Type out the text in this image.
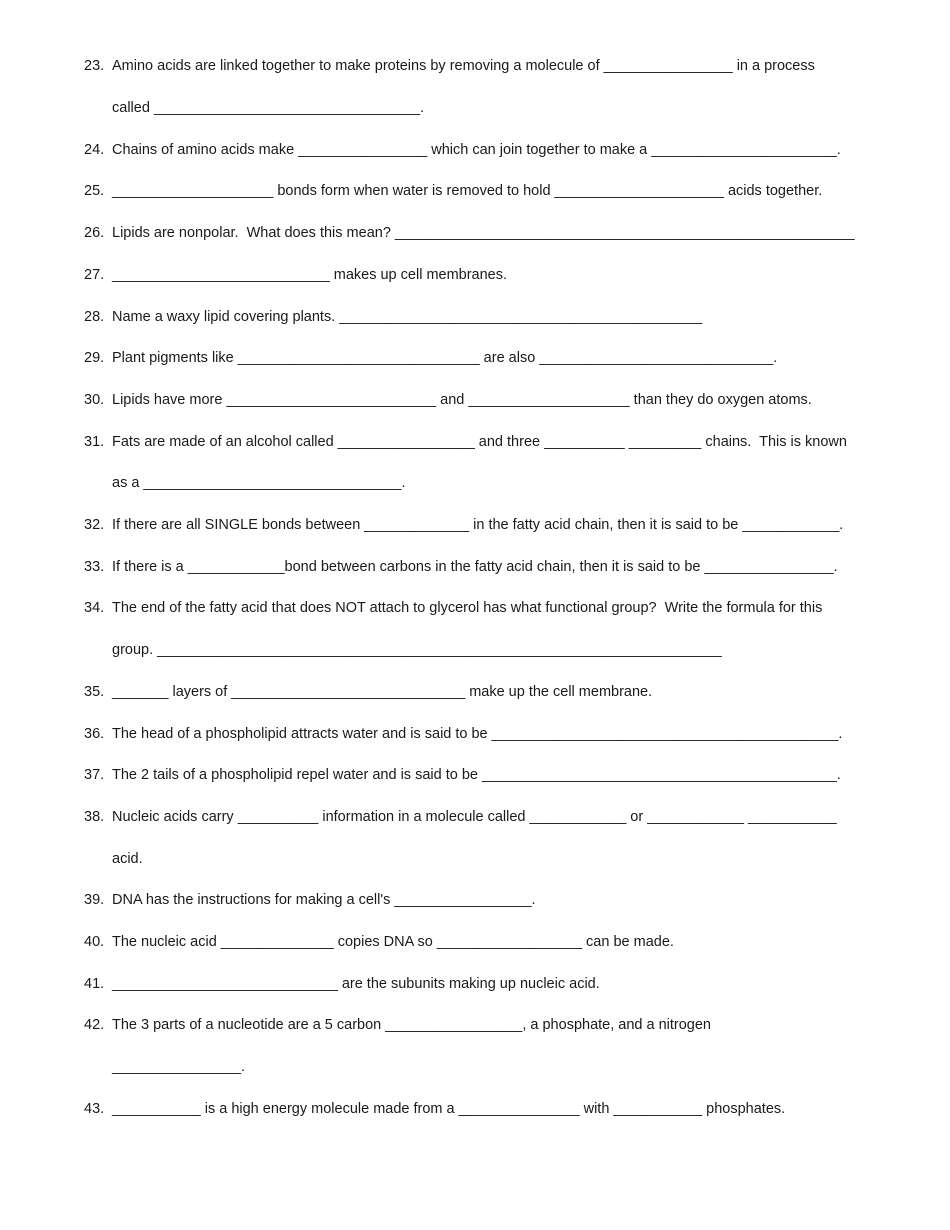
23.

Amino acids are linked together to make proteins by removing a molecule of ________________ in a process

called _________________________________.

24.

Chains of amino acids make ________________ which can join together to make a _______________________.

25.

____________________ bonds form when water is removed to hold _____________________ acids together.

26.

Lipids are nonpolar.  What does this mean? _________________________________________________________

27.

___________________________ makes up cell membranes.

28.

Name a waxy lipid covering plants. _____________________________________________

29.

Plant pigments like ______________________________ are also _____________________________.

30.

Lipids have more __________________________ and ____________________ than they do oxygen atoms.

31.

Fats are made of an alcohol called _________________ and three __________ _________ chains.  This is known

as a ________________________________.

32.

If there are all SINGLE bonds between _____________ in the fatty acid chain, then it is said to be ____________.

33.

If there is a ____________bond between carbons in the fatty acid chain, then it is said to be ________________.

34.

The end of the fatty acid that does NOT attach to glycerol has what functional group?  Write the formula for this

group. ______________________________________________________________________

35.

_______ layers of _____________________________ make up the cell membrane.

36.

The head of a phospholipid attracts water and is said to be ___________________________________________.

37.

The 2 tails of a phospholipid repel water and is said to be ____________________________________________.

38.

Nucleic acids carry __________ information in a molecule called ____________ or ____________ ___________

acid.

39.

DNA has the instructions for making a cell's _________________.

40.

The nucleic acid ______________ copies DNA so __________________ can be made.

41.

____________________________ are the subunits making up nucleic acid.

42.

The 3 parts of a nucleotide are a 5 carbon _________________, a phosphate, and a nitrogen

________________.

43.

___________ is a high energy molecule made from a _______________ with ___________ phosphates.
